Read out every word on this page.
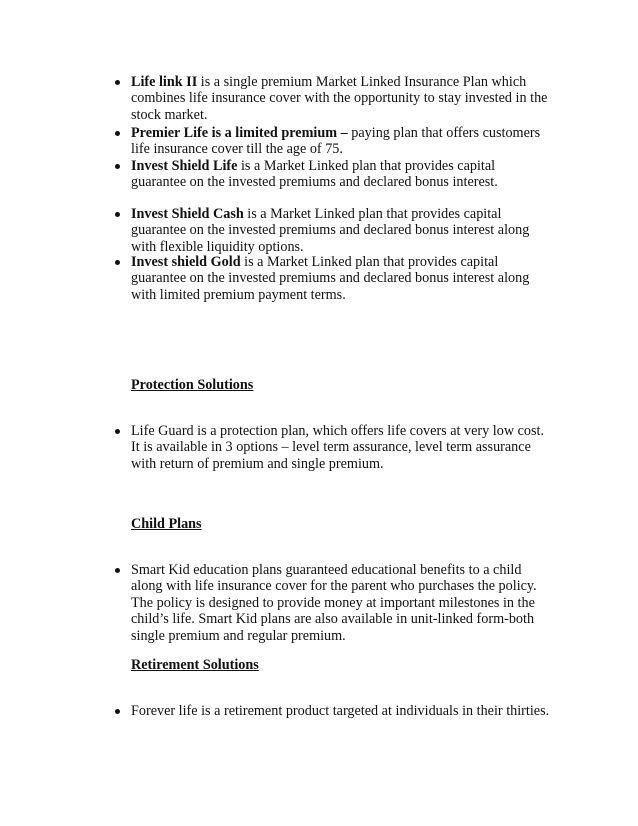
Life link II is a single premium Market Linked Insurance Plan which combines life insurance cover with the opportunity to stay invested in the stock market.
Premier Life is a limited premium – paying plan that offers customers life insurance cover till the age of 75.
Invest Shield Life is a Market Linked plan that provides capital guarantee on the invested premiums and declared bonus interest.
Invest Shield Cash is a Market Linked plan that provides capital guarantee on the invested premiums and declared bonus interest along with flexible liquidity options.
Invest shield Gold is a Market Linked plan that provides capital guarantee on the invested premiums and declared bonus interest along with limited premium payment terms.
Protection Solutions
Life Guard is a protection plan, which offers life covers at very low cost. It is available in 3 options – level term assurance, level term assurance with return of premium and single premium.
Child Plans
Smart Kid education plans guaranteed educational benefits to a child along with life insurance cover for the parent who purchases the policy. The policy is designed to provide money at important milestones in the child’s life. Smart Kid plans are also available in unit-linked form-both single premium and regular premium.
Retirement Solutions
Forever life is a retirement product targeted at individuals in their thirties.
